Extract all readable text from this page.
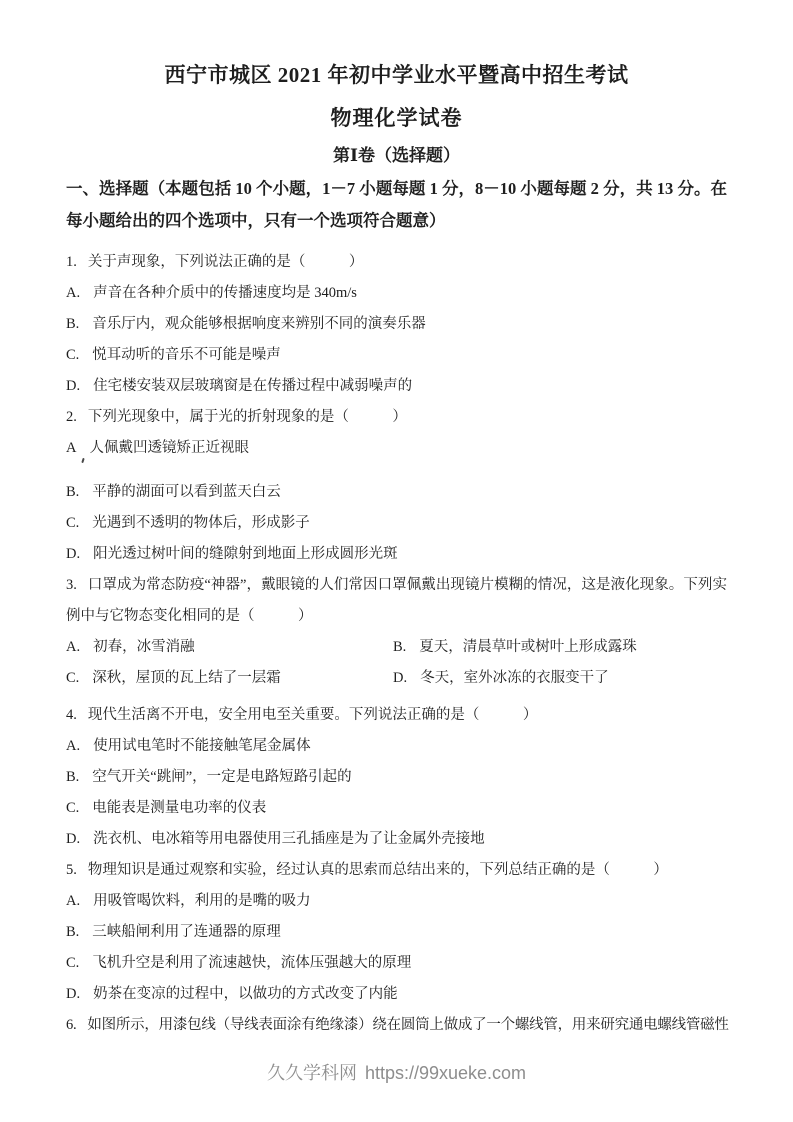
西宁市城区 2021 年初中学业水平暨高中招生考试
物理化学试卷
第Ⅰ卷（选择题）

一、选择题（本题包括 10 个小题，1－7 小题每题 1 分，8－10 小题每题 2 分，共 13 分。在每小题给出的四个选项中，只有一个选项符合题意）

1. 关于声现象，下列说法正确的是（　　　）

A. 声音在各种介质中的传播速度均是 340m/s

B. 音乐厅内，观众能够根据响度来辨别不同的演奏乐器

C. 悦耳动听的音乐不可能是噪声

D. 住宅楼安装双层玻璃窗是在传播过程中减弱噪声的

2. 下列光现象中，属于光的折射现象的是（　　　）

A 人佩戴凹透镜矫正近视眼

B. 平静的湖面可以看到蓝天白云

C. 光遇到不透明的物体后，形成影子

D. 阳光透过树叶间的缝隙射到地面上形成圆形光斑

3. 口罩成为常态防疫“神器”，戴眼镜的人们常因口罩佩戴出现镜片模糊的情况，这是液化现象。下列实例中与它物态变化相同的是（　　　）

A. 初春，冰雪消融	B. 夏天，清晨草叶或树叶上形成露珠

C. 深秋，屋顶的瓦上结了一层霜	D. 冬天，室外冰冻的衣服变干了

4. 现代生活离不开电，安全用电至关重要。下列说法正确的是（　　　）

A. 使用试电笔时不能接触笔尾金属体

B. 空气开关“跳闸”，一定是电路短路引起的

C. 电能表是测量电功率的仪表

D. 洗衣机、电冰箱等用电器使用三孔插座是为了让金属外壳接地

5. 物理知识是通过观察和实验，经过认真的思索而总结出来的，下列总结正确的是（　　　）

A. 用吸管喝饮料，利用的是嘴的吸力

B. 三峡船闸利用了连通器的原理

C. 飞机升空是利用了流速越快，流体压强越大的原理

D. 奶茶在变凉的过程中，以做功的方式改变了内能

6. 如图所示，用漆包线（导线表面涂有绝缘漆）绕在圆筒上做成了一个螺线管，用来研究通电螺线管磁性

久久学科网 https://99xueke.com
